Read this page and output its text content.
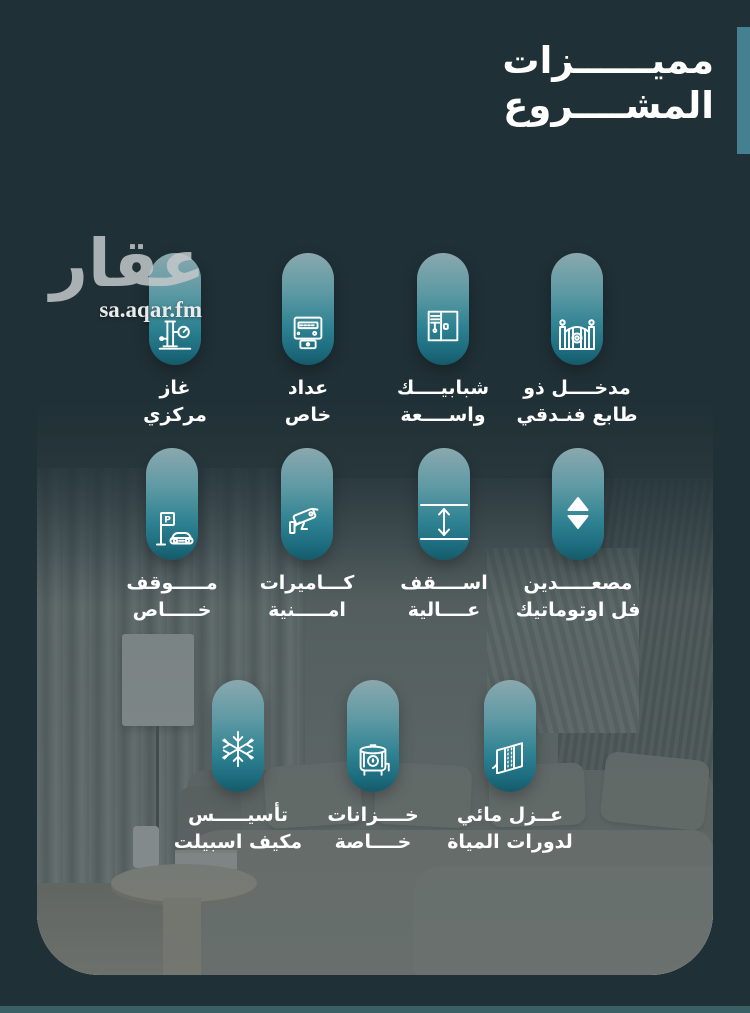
مميــــــزات
المشــــروع
عقار
sa.aqar.fm
غاز
مركزي
عداد
خاص
شبابيــــك
واســــعة
مدخــــل ذو
طابع فنـدقي
P
مـــــوقف
خـــــاص
كـــاميرات
امـــــنية
اســــقف
عــــالية
مصعـــــدين
فل اوتوماتيك
تأسيـــــس
مكيف اسبيلت
خــــزانات
خــــاصة
عــزل مائي
لدورات المياة
